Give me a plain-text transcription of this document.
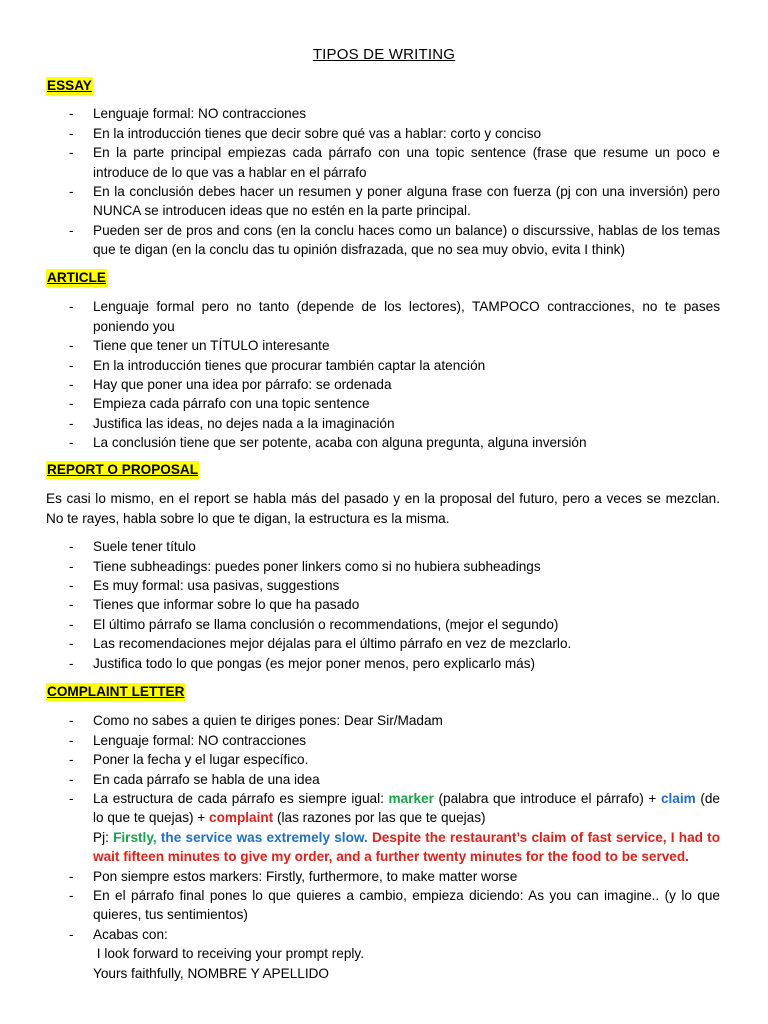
TIPOS DE WRITING
ESSAY
- Lenguaje formal: NO contracciones
- En la introducción tienes que decir sobre qué vas a hablar: corto y conciso
- En la parte principal empiezas cada párrafo con una topic sentence (frase que resume un poco e introduce de lo que vas a hablar en el párrafo
- En la conclusión debes hacer un resumen y poner alguna frase con fuerza (pj con una inversión) pero NUNCA se introducen ideas que no estén en la parte principal.
- Pueden ser de pros and cons (en la conclu haces como un balance) o discurssive, hablas de los temas que te digan (en la conclu das tu opinión disfrazada, que no sea muy obvio, evita I think)
ARTICLE
- Lenguaje formal pero no tanto (depende de los lectores), TAMPOCO contracciones, no te pases poniendo you
- Tiene que tener un TÍTULO interesante
- En la introducción tienes que procurar también captar la atención
- Hay que poner una idea por párrafo: se ordenada
- Empieza cada párrafo con una topic sentence
- Justifica las ideas, no dejes nada a la imaginación
- La conclusión tiene que ser potente, acaba con alguna pregunta, alguna inversión
REPORT O PROPOSAL
Es casi lo mismo, en el report se habla más del pasado y en la proposal del futuro, pero a veces se mezclan. No te rayes, habla sobre lo que te digan, la estructura es la misma.
- Suele tener título
- Tiene subheadings: puedes poner linkers como si no hubiera subheadings
- Es muy formal: usa pasivas, suggestions
- Tienes que informar sobre lo que ha pasado
- El último párrafo se llama conclusión o recommendations, (mejor el segundo)
- Las recomendaciones mejor déjalas para el último párrafo en vez de mezclarlo.
- Justifica todo lo que pongas (es mejor poner menos, pero explicarlo más)
COMPLAINT LETTER
- Como no sabes a quien te diriges pones: Dear Sir/Madam
- Lenguaje formal: NO contracciones
- Poner la fecha y el lugar específico.
- En cada párrafo se habla de una idea
- La estructura de cada párrafo es siempre igual: marker (palabra que introduce el párrafo) + claim (de lo que te quejas) + complaint (las razones por las que te quejas)
Pj: Firstly, the service was extremely slow. Despite the restaurant’s claim of fast service, I had to wait fifteen minutes to give my order, and a further twenty minutes for the food to be served.
- Pon siempre estos markers: Firstly, furthermore, to make matter worse
- En el párrafo final pones lo que quieres a cambio, empieza diciendo: As you can imagine.. (y lo que quieres, tus sentimientos)
- Acabas con:
I look forward to receiving your prompt reply.
Yours faithfully, NOMBRE Y APELLIDO
